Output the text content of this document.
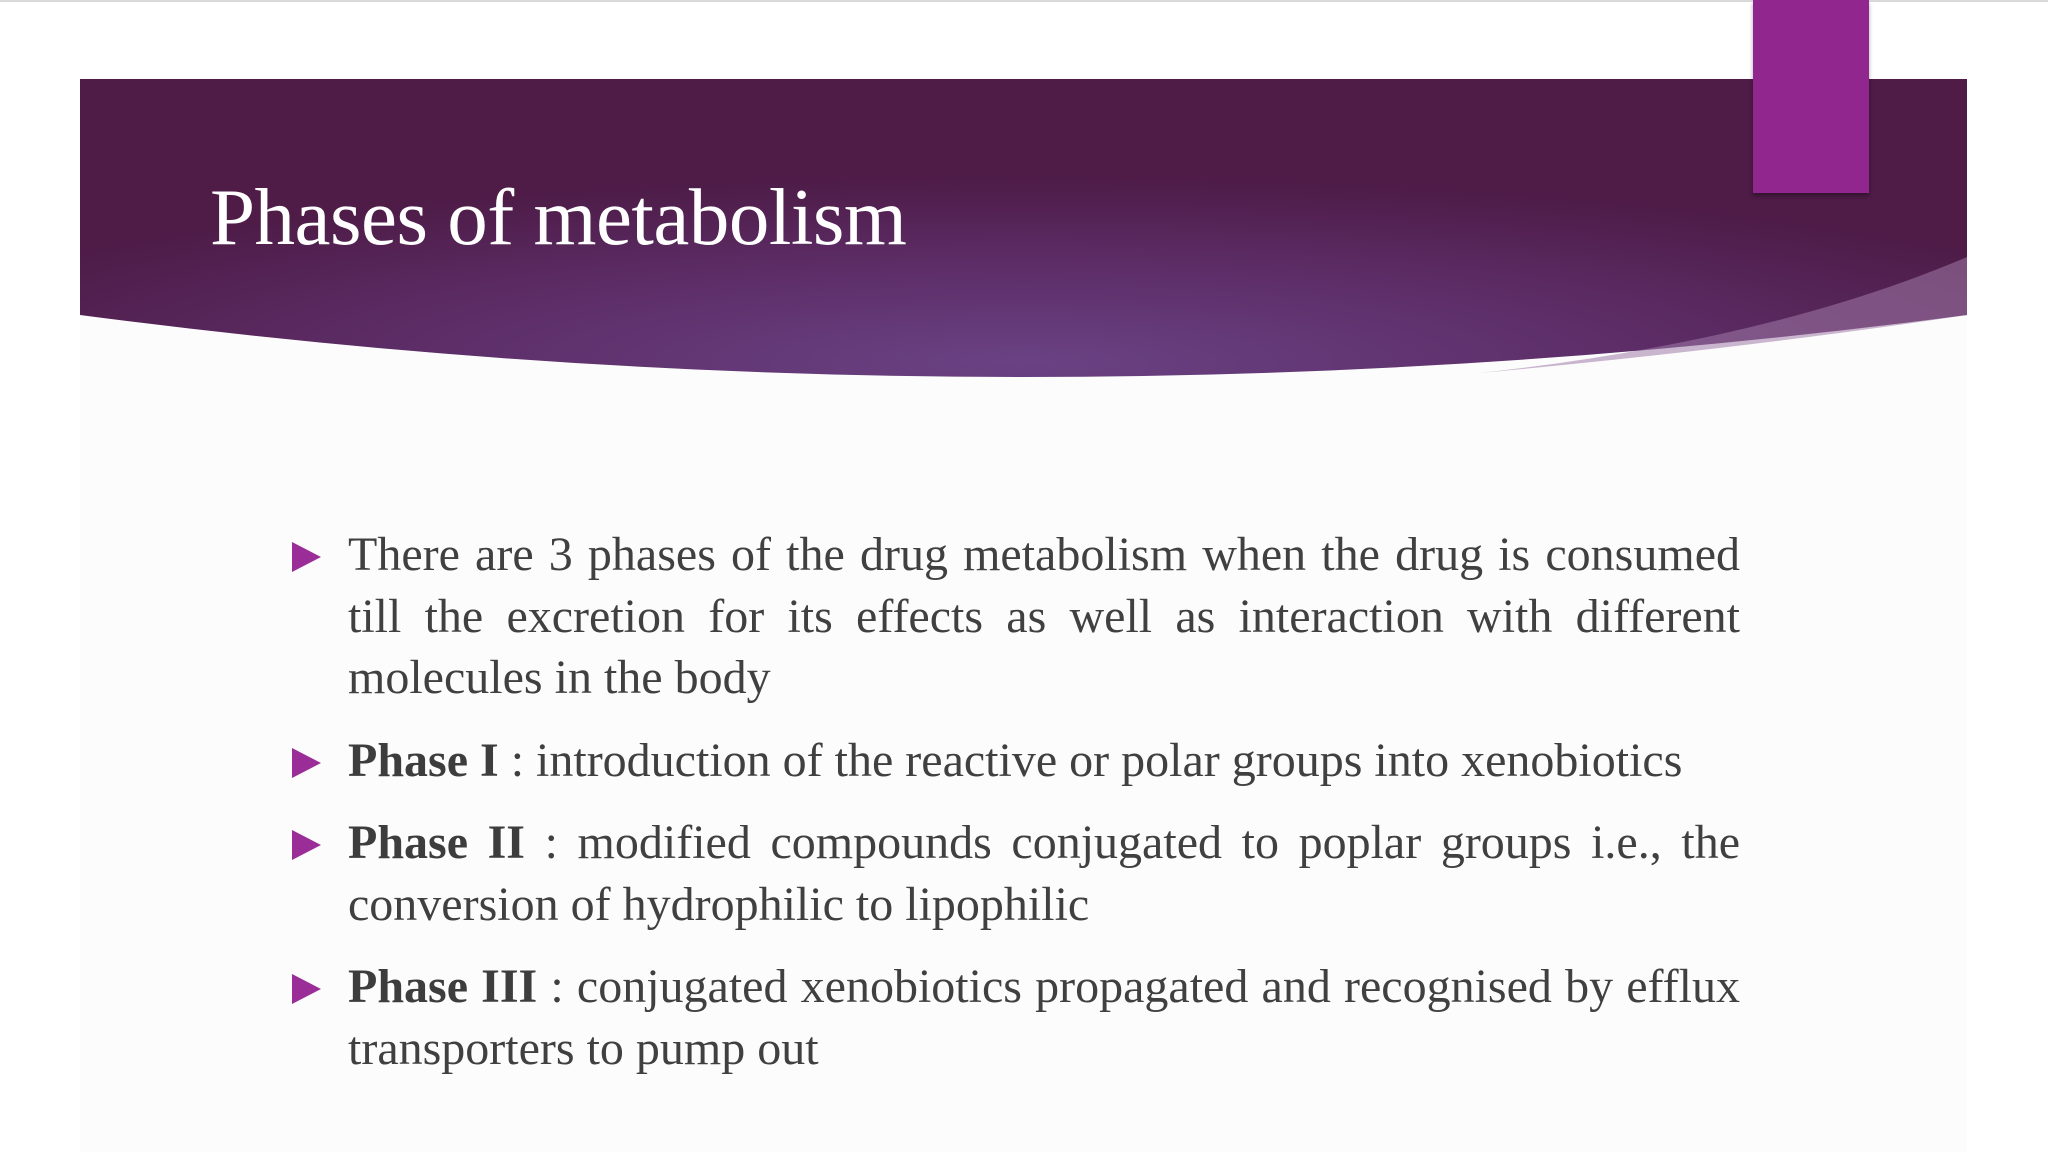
Phases of metabolism
There are 3 phases of the drug metabolism when the drug is consumed till the excretion for its effects as well as interaction with different molecules in the body
Phase I : introduction of the reactive or polar groups into xenobiotics
Phase II : modified compounds conjugated to poplar groups i.e., the conversion of hydrophilic to lipophilic
Phase III : conjugated xenobiotics propagated and recognised by efflux transporters to pump out
